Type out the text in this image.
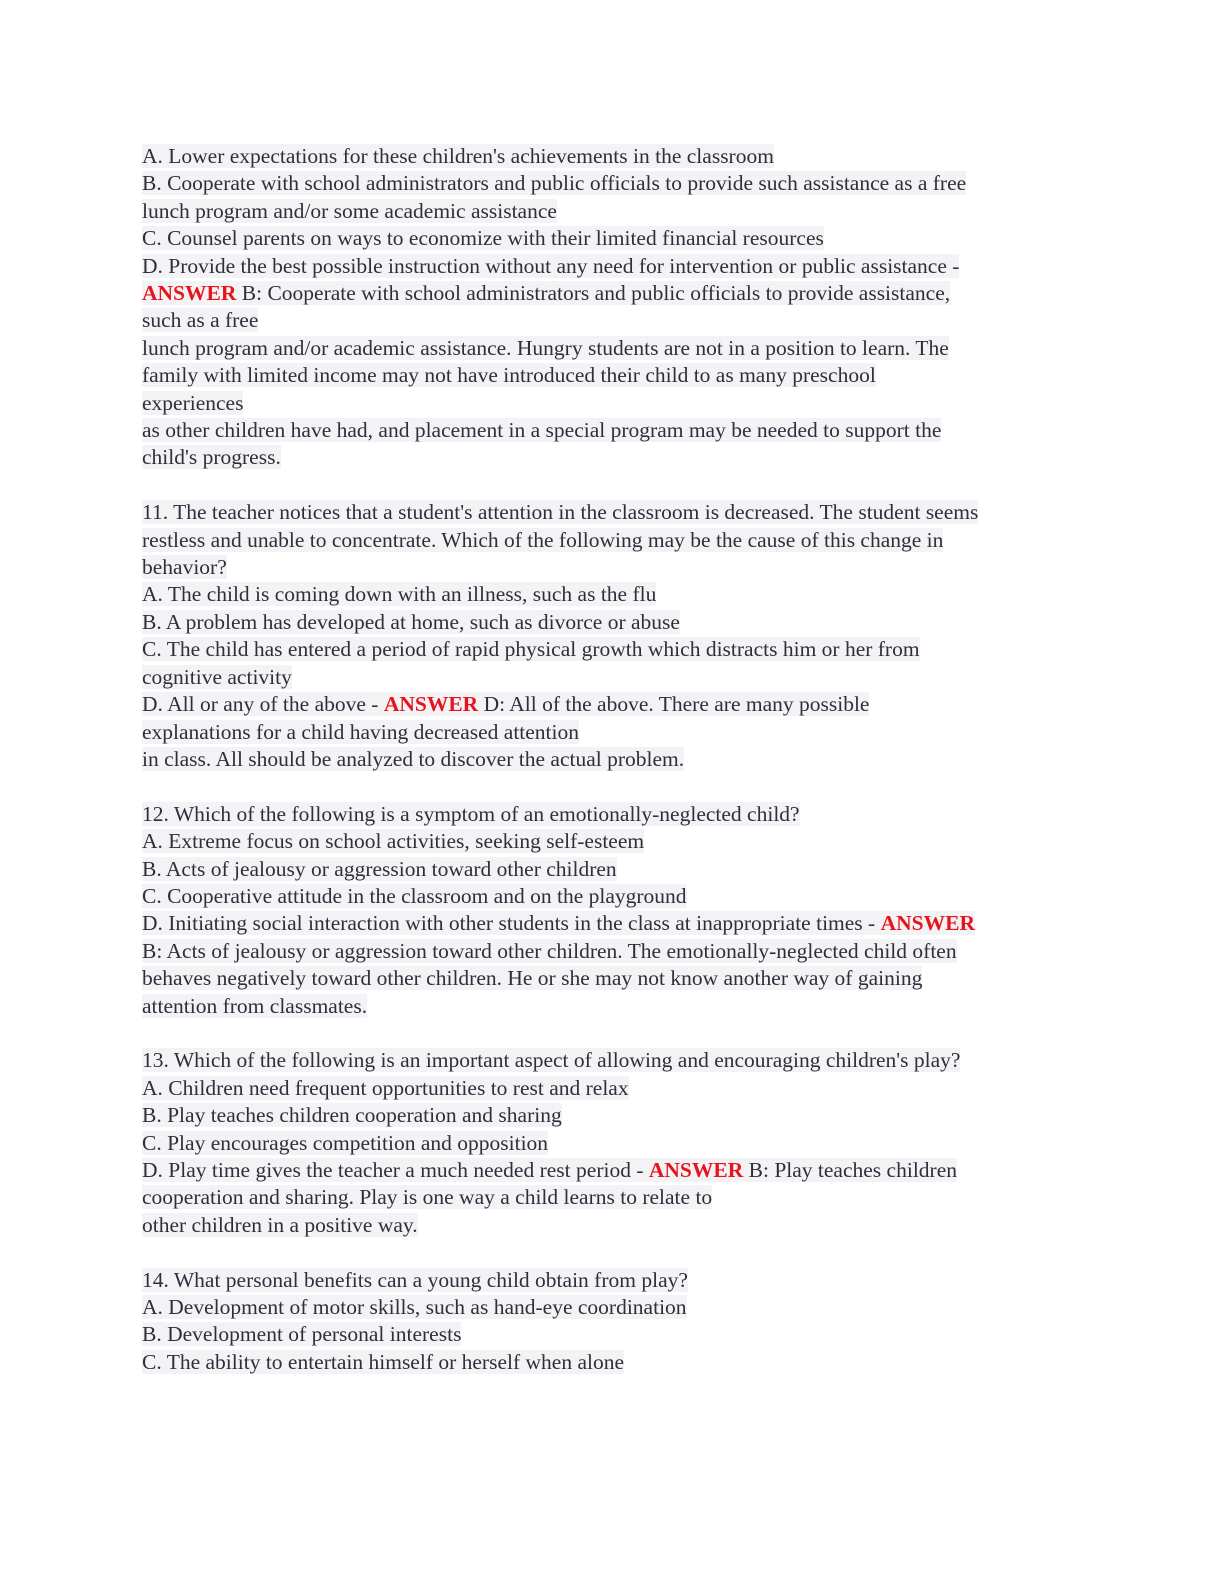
A. Lower expectations for these children's achievements in the classroom
B. Cooperate with school administrators and public officials to provide such assistance as a free
lunch program and/or some academic assistance
C. Counsel parents on ways to economize with their limited financial resources
D. Provide the best possible instruction without any need for intervention or public assistance -
ANSWER B: Cooperate with school administrators and public officials to provide assistance,
such as a free
lunch program and/or academic assistance. Hungry students are not in a position to learn. The
family with limited income may not have introduced their child to as many preschool
experiences
as other children have had, and placement in a special program may be needed to support the
child's progress.
11. The teacher notices that a student's attention in the classroom is decreased. The student seems
restless and unable to concentrate. Which of the following may be the cause of this change in
behavior?
A. The child is coming down with an illness, such as the flu
B. A problem has developed at home, such as divorce or abuse
C. The child has entered a period of rapid physical growth which distracts him or her from
cognitive activity
D. All or any of the above - ANSWER D: All of the above. There are many possible
explanations for a child having decreased attention
in class. All should be analyzed to discover the actual problem.
12. Which of the following is a symptom of an emotionally-neglected child?
A. Extreme focus on school activities, seeking self-esteem
B. Acts of jealousy or aggression toward other children
C. Cooperative attitude in the classroom and on the playground
D. Initiating social interaction with other students in the class at inappropriate times - ANSWER
B: Acts of jealousy or aggression toward other children. The emotionally-neglected child often
behaves negatively toward other children. He or she may not know another way of gaining
attention from classmates.
13. Which of the following is an important aspect of allowing and encouraging children's play?
A. Children need frequent opportunities to rest and relax
B. Play teaches children cooperation and sharing
C. Play encourages competition and opposition
D. Play time gives the teacher a much needed rest period - ANSWER B: Play teaches children
cooperation and sharing. Play is one way a child learns to relate to
other children in a positive way.
14. What personal benefits can a young child obtain from play?
A. Development of motor skills, such as hand-eye coordination
B. Development of personal interests
C. The ability to entertain himself or herself when alone
